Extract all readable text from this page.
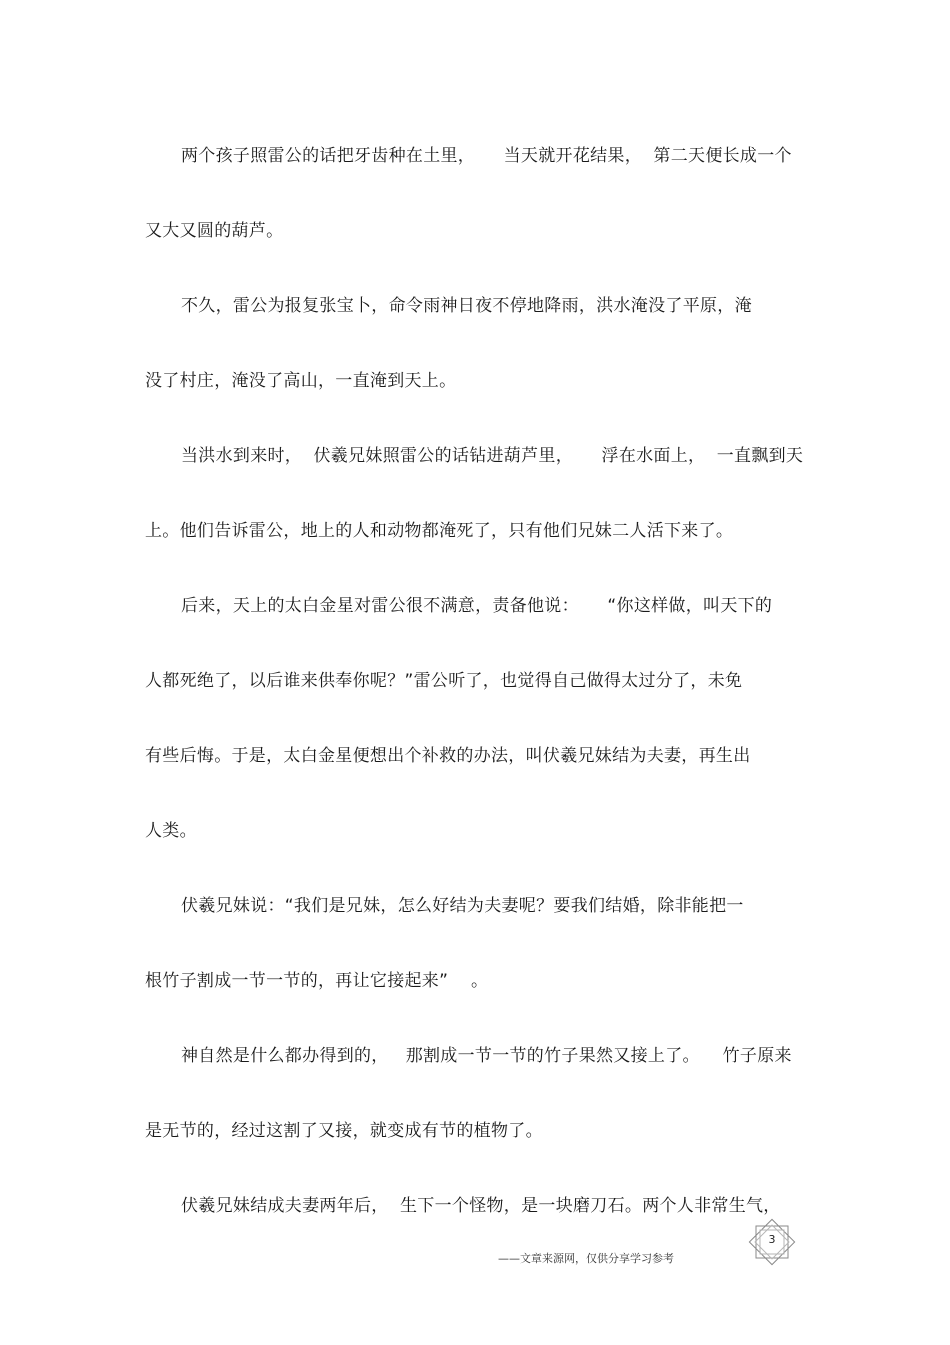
两个孩子照雷公的话把牙齿种在土里，     当天就开花结果，  第二天便长成一个
又大又圆的葫芦。
不久，雷公为报复张宝卜，命令雨神日夜不停地降雨，洪水淹没了平原，淹
没了村庄，淹没了高山，一直淹到天上。
当洪水到来时，  伏羲兄妹照雷公的话钻进葫芦里，     浮在水面上，  一直飘到天
上。他们告诉雷公，地上的人和动物都淹死了，只有他们兄妹二人活下来了。
后来，天上的太白金星对雷公很不满意，责备他说：     “你这样做，叫天下的
人都死绝了，以后谁来供奉你呢？”雷公听了，也觉得自己做得太过分了，未免
有些后悔。于是，太白金星便想出个补救的办法，叫伏羲兄妹结为夫妻，再生出
人类。
伏羲兄妹说：“我们是兄妹，怎么好结为夫妻呢？要我们结婚，除非能把一
根竹子割成一节一节的，再让它接起来”    。
神自然是什么都办得到的，   那割成一节一节的竹子果然又接上了。    竹子原来
是无节的，经过这割了又接，就变成有节的植物了。
伏羲兄妹结成夫妻两年后，  生下一个怪物，是一块磨刀石。两个人非常生气，
——文章来源网，仅供分享学习参考
3
